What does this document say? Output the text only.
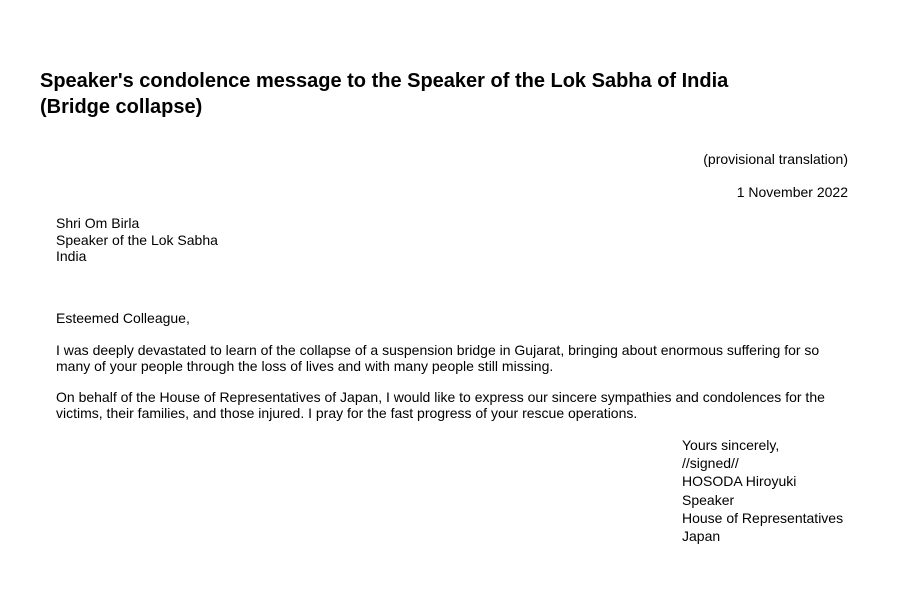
Speaker's condolence message to the Speaker of the Lok Sabha of India
(Bridge collapse)
(provisional translation)
1 November 2022
Shri Om Birla
Speaker of the Lok Sabha
India
Esteemed Colleague,

I was deeply devastated to learn of the collapse of a suspension bridge in Gujarat, bringing about enormous suffering for so many of your people through the loss of lives and with many people still missing.

On behalf of the House of Representatives of Japan, I would like to express our sincere sympathies and condolences for the victims, their families, and those injured. I pray for the fast progress of your rescue operations.

Yours sincerely,
//signed//
HOSODA Hiroyuki
Speaker
House of Representatives
Japan
